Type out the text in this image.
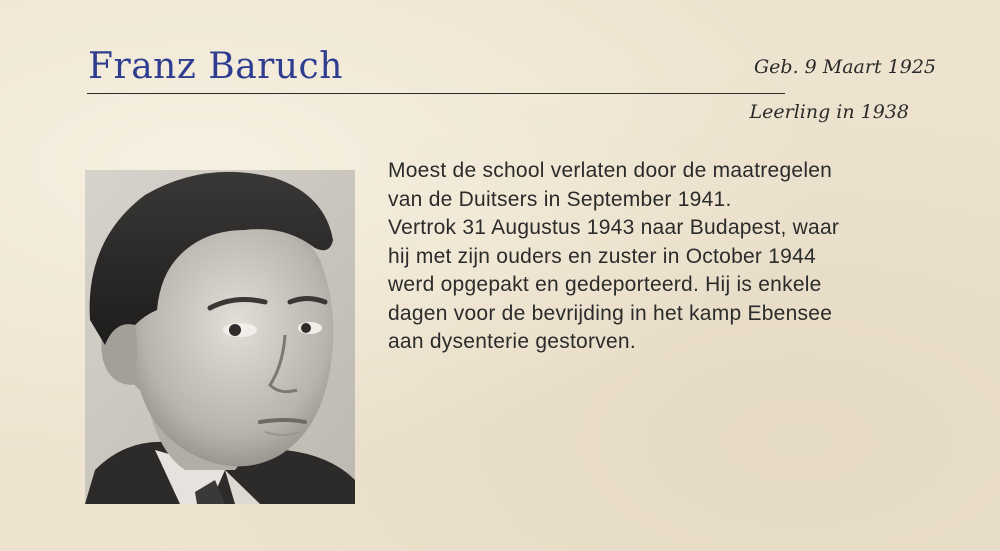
Franz Baruch	Geb. 9 Maart 1925
Leerling in 1938
Moest de school verlaten door de maatregelen
van de Duitsers in September 1941.
Vertrok 31 Augustus 1943 naar Budapest, waar
hij met zijn ouders en zuster in October 1944
werd opgepakt en gedeporteerd. Hij is enkele
dagen voor de bevrijding in het kamp Ebensee
aan dysenterie gestorven.
